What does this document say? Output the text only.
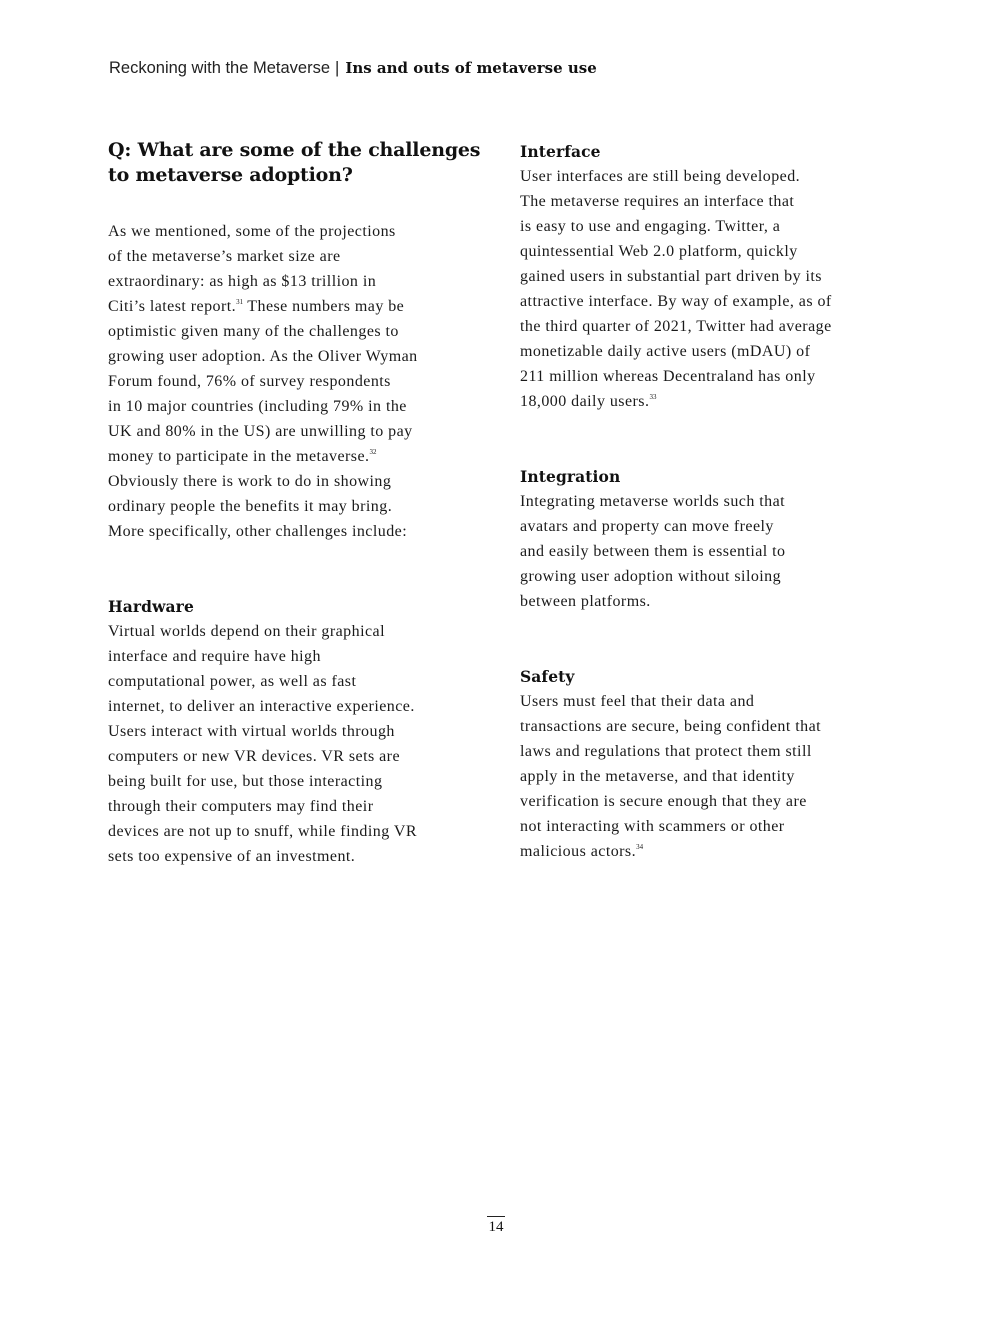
Reckoning with the Metaverse | Ins and outs of metaverse use
Q: What are some of the challenges
to metaverse adoption?

As we mentioned, some of the projections
of the metaverse’s market size are
extraordinary: as high as $13 trillion in
Citi’s latest report.$^{31}$ These numbers may be
optimistic given many of the challenges to
growing user adoption. As the Oliver Wyman
Forum found, 76% of survey respondents
in 10 major countries (including 79% in the
UK and 80% in the US) are unwilling to pay
money to participate in the metaverse.$^{32}$
Obviously there is work to do in showing
ordinary people the benefits it may bring.
More specifically, other challenges include:

Hardware

Virtual worlds depend on their graphical
interface and require have high
computational power, as well as fast
internet, to deliver an interactive experience.
Users interact with virtual worlds through
computers or new VR devices. VR sets are
being built for use, but those interacting
through their computers may find their
devices are not up to snuff, while finding VR
sets too expensive of an investment.

Interface

User interfaces are still being developed.
The metaverse requires an interface that
is easy to use and engaging. Twitter, a
quintessential Web 2.0 platform, quickly
gained users in substantial part driven by its
attractive interface. By way of example, as of
the third quarter of 2021, Twitter had average
monetizable daily active users (mDAU) of
211 million whereas Decentraland has only
18,000 daily users.$^{33}$

Integration

Integrating metaverse worlds such that
avatars and property can move freely
and easily between them is essential to
growing user adoption without siloing
between platforms.

Safety

Users must feel that their data and
transactions are secure, being confident that
laws and regulations that protect them still
apply in the metaverse, and that identity
verification is secure enough that they are
not interacting with scammers or other
malicious actors.$^{34}$

14
